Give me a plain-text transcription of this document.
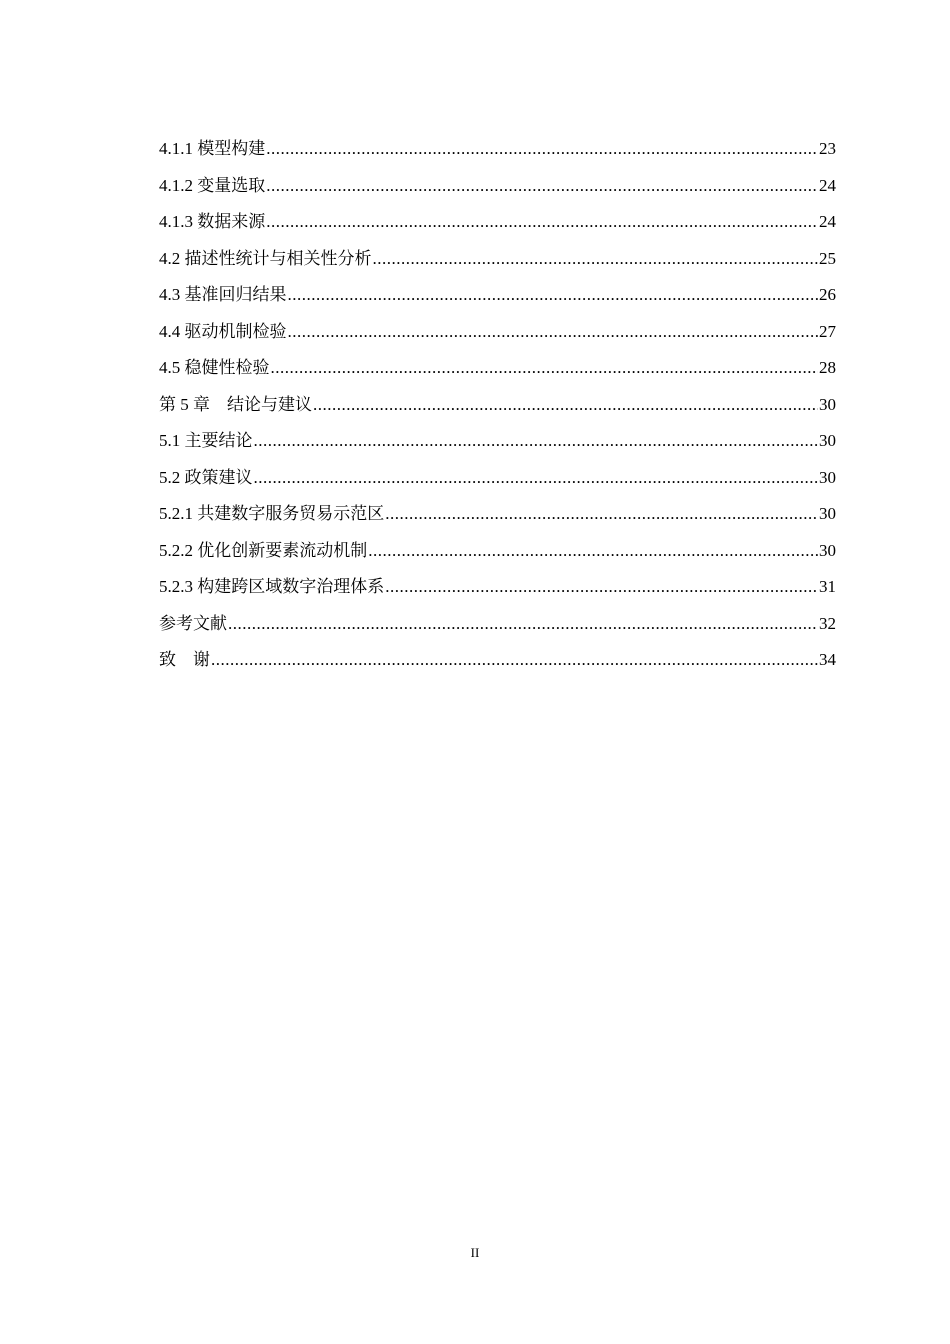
4.1.1 模型构建 .....	23
4.1.2 变量选取 .....	24
4.1.3 数据来源 .....	24
4.2 描述性统计与相关性分析 .....	25
4.3 基准回归结果 .....	26
4.4 驱动机制检验 .....	27
4.5 稳健性检验 .....	28
第 5 章    结论与建议 .....	30
5.1 主要结论 .....	30
5.2 政策建议 .....	30
5.2.1 共建数字服务贸易示范区 .....	30
5.2.2 优化创新要素流动机制 .....	30
5.2.3 构建跨区域数字治理体系 .....	31
参考文献 .....	32
致    谢 .....	34
II
